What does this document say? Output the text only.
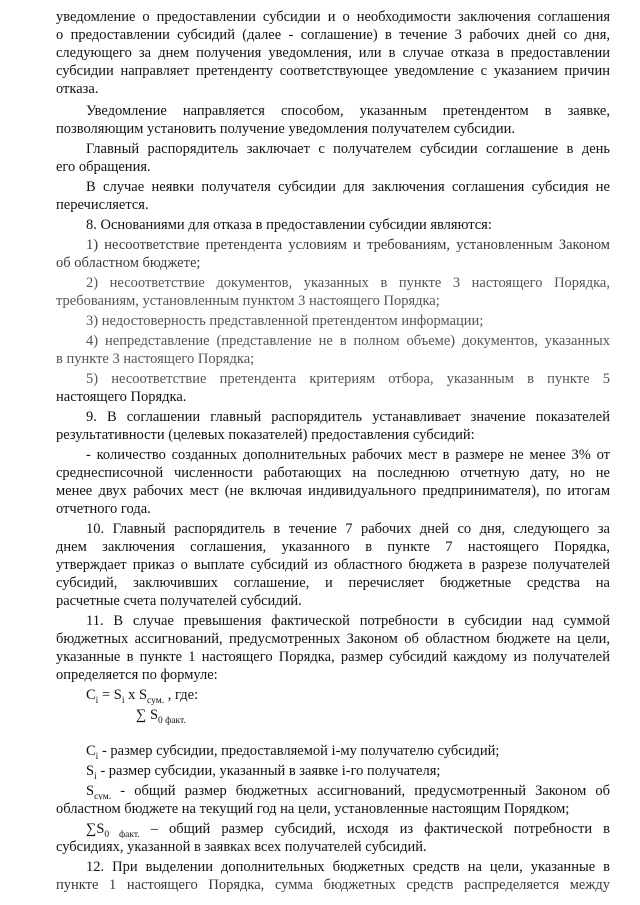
уведомление о предоставлении субсидии и о необходимости заключения соглашения
о предоставлении субсидий (далее - соглашение) в течение 3 рабочих дней со дня,
следующего за днем получения уведомления, или в случае отказа в предоставлении
субсидии направляет претенденту соответствующее уведомление с указанием причин
отказа.
Уведомление направляется способом, указанным претендентом в заявке,
позволяющим установить получение уведомления получателем субсидии.
Главный распорядитель заключает с получателем субсидии соглашение в день
его обращения.
В случае неявки получателя субсидии для заключения соглашения субсидия не
перечисляется.
8. Основаниями для отказа в предоставлении субсидии являются:
1) несоответствие претендента условиям и требованиям, установленным Законом
об областном бюджете;
2) несоответствие документов, указанных в пункте 3 настоящего Порядка,
требованиям, установленным пунктом 3 настоящего Порядка;
3) недостоверность представленной претендентом информации;
4) непредставление (представление не в полном объеме) документов, указанных
в пункте 3 настоящего Порядка;
5) несоответствие претендента критериям отбора, указанным в пункте 5
настоящего Порядка.
9. В соглашении главный распорядитель устанавливает значение показателей
результативности (целевых показателей) предоставления субсидий:
- количество созданных дополнительных рабочих мест в размере не менее 3% от
среднесписочной численности работающих на последнюю отчетную дату, но не
менее двух рабочих мест (не включая индивидуального предпринимателя), по итогам
отчетного года.
10. Главный распорядитель в течение 7 рабочих дней со дня, следующего за
днем заключения соглашения, указанного в пункте 7 настоящего Порядка,
утверждает приказ о выплате субсидий из областного бюджета в разрезе получателей
субсидий, заключивших соглашение, и перечисляет бюджетные средства на
расчетные счета получателей субсидий.
11. В случае превышения фактической потребности в субсидии над суммой
бюджетных ассигнований, предусмотренных Законом об областном бюджете на цели,
указанные в пункте 1 настоящего Порядка, размер субсидий каждому из получателей
определяется по формуле:
$C_i = S_i$ x $S_{сум.}$ , где:
∑ $S_{0 факт.}$
$C_i$ - размер субсидии, предоставляемой i-му получателю субсидий;
$S_i$ - размер субсидии, указанный в заявке i-го получателя;
$S_{сум.}$ - общий размер бюджетных ассигнований, предусмотренный Законом об
областном бюджете на текущий год на цели, установленные настоящим Порядком;
$\sum S_{0 факт.}$ – общий размер субсидий, исходя из фактической потребности в
субсидиях, указанной в заявках всех получателей субсидий.
12. При выделении дополнительных бюджетных средств на цели, указанные в
пункте 1 настоящего Порядка, сумма бюджетных средств распределяется между
